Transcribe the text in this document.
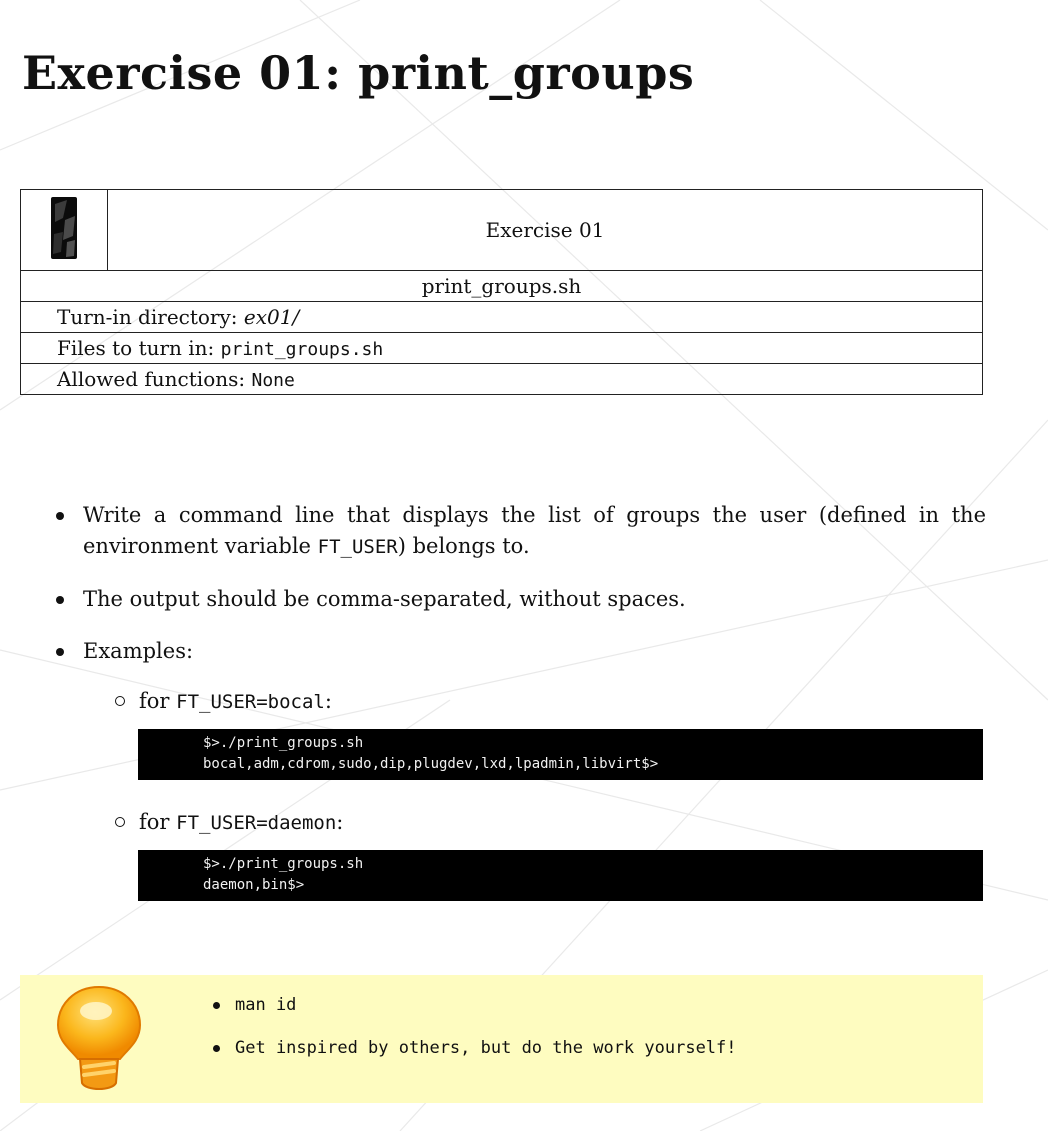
Exercise 01: print_groups
	Exercise 01
print_groups.sh
Turn-in directory: ex01/
Files to turn in: print_groups.sh
Allowed functions: None
Write a command line that displays the list of groups the user (defined in the environment variable FT_USER) belongs to.
The output should be comma-separated, without spaces.
Examples:
for FT_USER=bocal:
$>./print_groups.sh
bocal,adm,cdrom,sudo,dip,plugdev,lxd,lpadmin,libvirt$>
for FT_USER=daemon:
$>./print_groups.sh
daemon,bin$>
man id
Get inspired by others, but do the work yourself!
